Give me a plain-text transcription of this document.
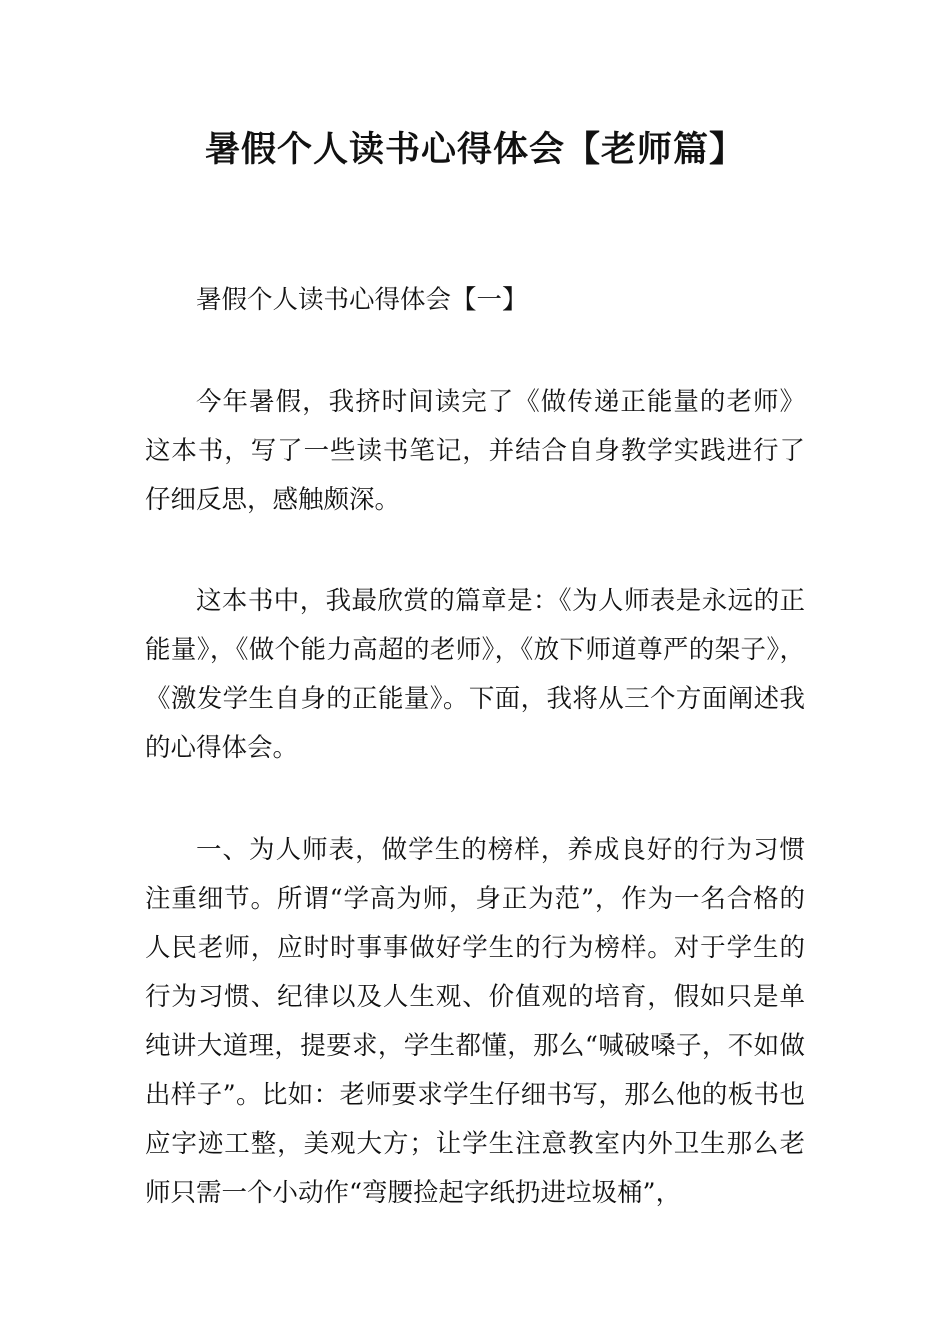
暑假个人读书心得体会【老师篇】
暑假个人读书心得体会【一】

今年暑假，我挤时间读完了《做传递正能量的老师》这本书，写了一些读书笔记，并结合自身教学实践进行了仔细反思，感触颇深。

这本书中，我最欣赏的篇章是：《为人师表是永远的正能量》，《做个能力高超的老师》，《放下师道尊严的架子》，《激发学生自身的正能量》。下面，我将从三个方面阐述我的心得体会。

一、为人师表，做学生的榜样，养成良好的行为习惯注重细节。所谓“学高为师，身正为范”，作为一名合格的人民老师，应时时事事做好学生的行为榜样。对于学生的行为习惯、纪律以及人生观、价值观的培育，假如只是单纯讲大道理，提要求，学生都懂，那么“喊破嗓子，不如做出样子”。比如：老师要求学生仔细书写，那么他的板书也应字迹工整，美观大方；让学生注意教室内外卫生那么老师只需一个小动作“弯腰捡起字纸扔进垃圾桶”，
